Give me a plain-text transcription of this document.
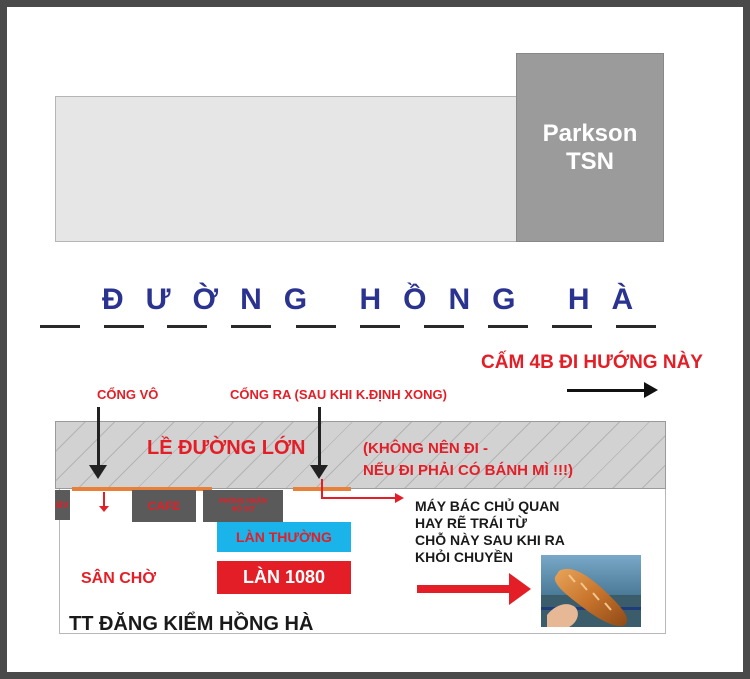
Parkson
TSN
ĐƯỜNG HỒNG HÀ
CẤM 4B ĐI HƯỚNG NÀY
CỔNG VÔ	CỔNG RA (SAU KHI K.ĐỊNH XONG)
LỀ ĐƯỜNG LỚN	(KHÔNG NÊN ĐI -
NẾU ĐI PHẢI CÓ BÁNH MÌ !!!)
BV	CAFE	PHÒNG NHẬN
HỒ SƠ
LÀN THƯỜNG
LÀN 1080
SÂN CHỜ
TT ĐĂNG KIỂM HỒNG HÀ
MÁY BÁC CHỦ QUAN
HAY RẼ TRÁI TỪ
CHỖ NÀY SAU KHI RA
KHỎI CHUYỀN
